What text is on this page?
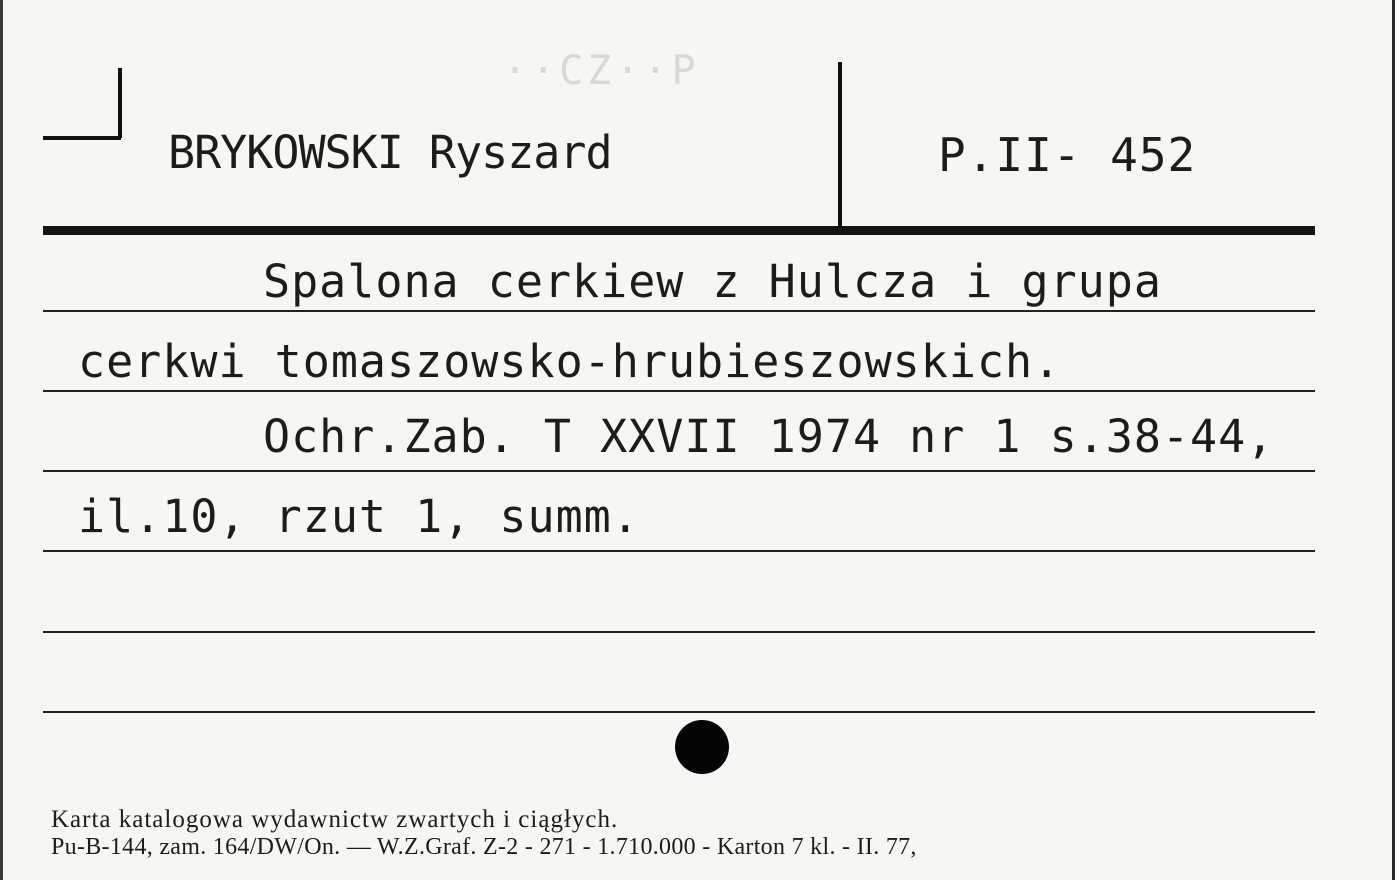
··CZ··P
BRYKOWSKI Ryszard	P.II- 452
Spalona cerkiew z Hulcza i grupa
cerkwi tomaszowsko-hrubieszowskich.
Ochr.Zab. T XXVII 1974 nr 1 s.38-44,
il.10, rzut 1, summ.
Karta katalogowa wydawnictw zwartych i ciągłych.
Pu-B-144, zam. 164/DW/On. — W.Z.Graf. Z-2 - 271 - 1.710.000 - Karton 7 kl. - II. 77,
